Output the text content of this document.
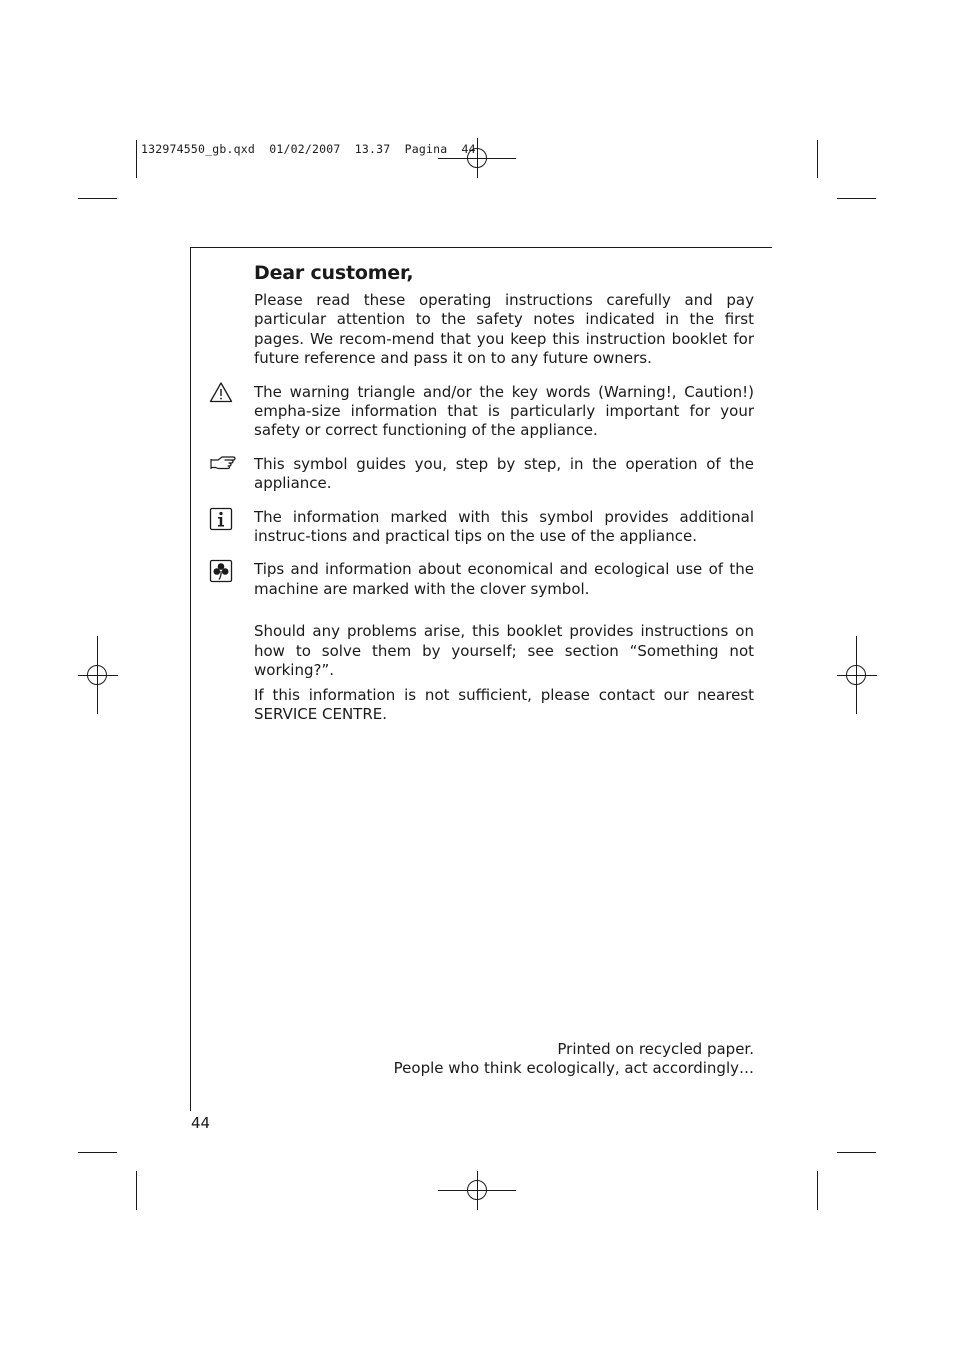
132974550_gb.qxd  01/02/2007  13.37  Pagina  44
Dear customer,

Please read these operating instructions carefully and pay particular attention to the safety notes indicated in the first pages. We recom-mend that you keep this instruction booklet for future reference and pass it on to any future owners.

The warning triangle and/or the key words (Warning!, Caution!) empha-size information that is particularly important for your safety or correct functioning of the appliance.

This symbol guides you, step by step, in the operation of the appliance.

The information marked with this symbol provides additional instruc-tions and practical tips on the use of the appliance.

Tips and information about economical and ecological use of the machine are marked with the clover symbol.

Should any problems arise, this booklet provides instructions on how to solve them by yourself; see section “Something not working?”.

If this information is not sufficient, please contact our nearest SERVICE CENTRE.

Printed on recycled paper.
People who think ecologically, act accordingly…
44
